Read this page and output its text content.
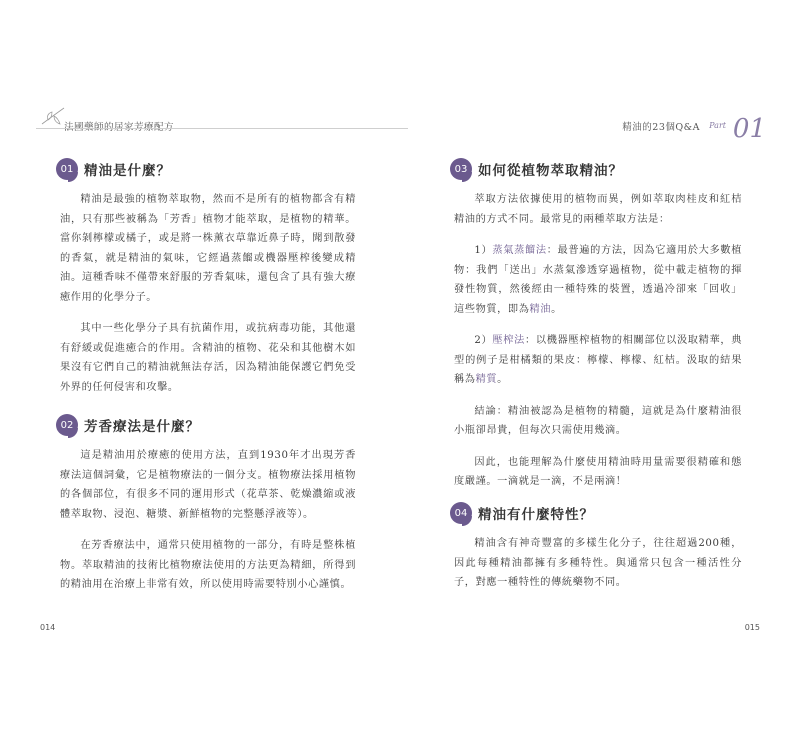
01 精油是什麼？

精油是最強的植物萃取物，然而不是所有的植物都含有精油，只有那些被稱為「芳香」植物才能萃取，是植物的精華。當你剝檸檬或橘子，或是將一株薰衣草靠近鼻子時，聞到散發的香氣，就是精油的氣味，它經過蒸餾或機器壓榨後變成精油。這種香味不僅帶來舒服的芳香氣味，還包含了具有強大療癒作用的化學分子。

其中一些化學分子具有抗菌作用，或抗病毒功能，其他還有舒緩或促進癒合的作用。含精油的植物、花朵和其他樹木如果沒有它們自己的精油就無法存活，因為精油能保護它們免受外界的任何侵害和攻擊。

02 芳香療法是什麼？

這是精油用於療癒的使用方法，直到1930年才出現芳香療法這個詞彙，它是植物療法的一個分支。植物療法採用植物的各個部位，有很多不同的運用形式（花草茶、乾燥濃縮或液體萃取物、浸泡、糖漿、新鮮植物的完整懸浮液等）。

在芳香療法中，通常只使用植物的一部分，有時是整株植物。萃取精油的技術比植物療法使用的方法更為精細，所得到的精油用在治療上非常有效，所以使用時需要特別小心謹慎。

014
精油的23個Q&A Part 01
03 如何從植物萃取精油？

萃取方法依據使用的植物而異，例如萃取肉桂皮和紅桔精油的方式不同。最常見的兩種萃取方法是：

1）蒸氣蒸餾法：最普遍的方法，因為它適用於大多數植物：我們「送出」水蒸氣滲透穿過植物，從中載走植物的揮發性物質，然後經由一種特殊的裝置，透過冷卻來「回收」這些物質，即為精油。

2）壓榨法：以機器壓榨植物的相關部位以汲取精華，典型的例子是柑橘類的果皮：檸檬、檸檬、紅桔。汲取的結果稱為精質。

結論：精油被認為是植物的精髓，這就是為什麼精油很小瓶卻昂貴，但每次只需使用幾滴。

因此，也能理解為什麼使用精油時用量需要很精確和態度嚴謹。一滴就是一滴，不是兩滴！

04 精油有什麼特性？

精油含有神奇豐富的多樣生化分子，往往超過200種，因此每種精油都擁有多種特性。與通常只包含一種活性分子，對應一種特性的傳統藥物不同。

015
